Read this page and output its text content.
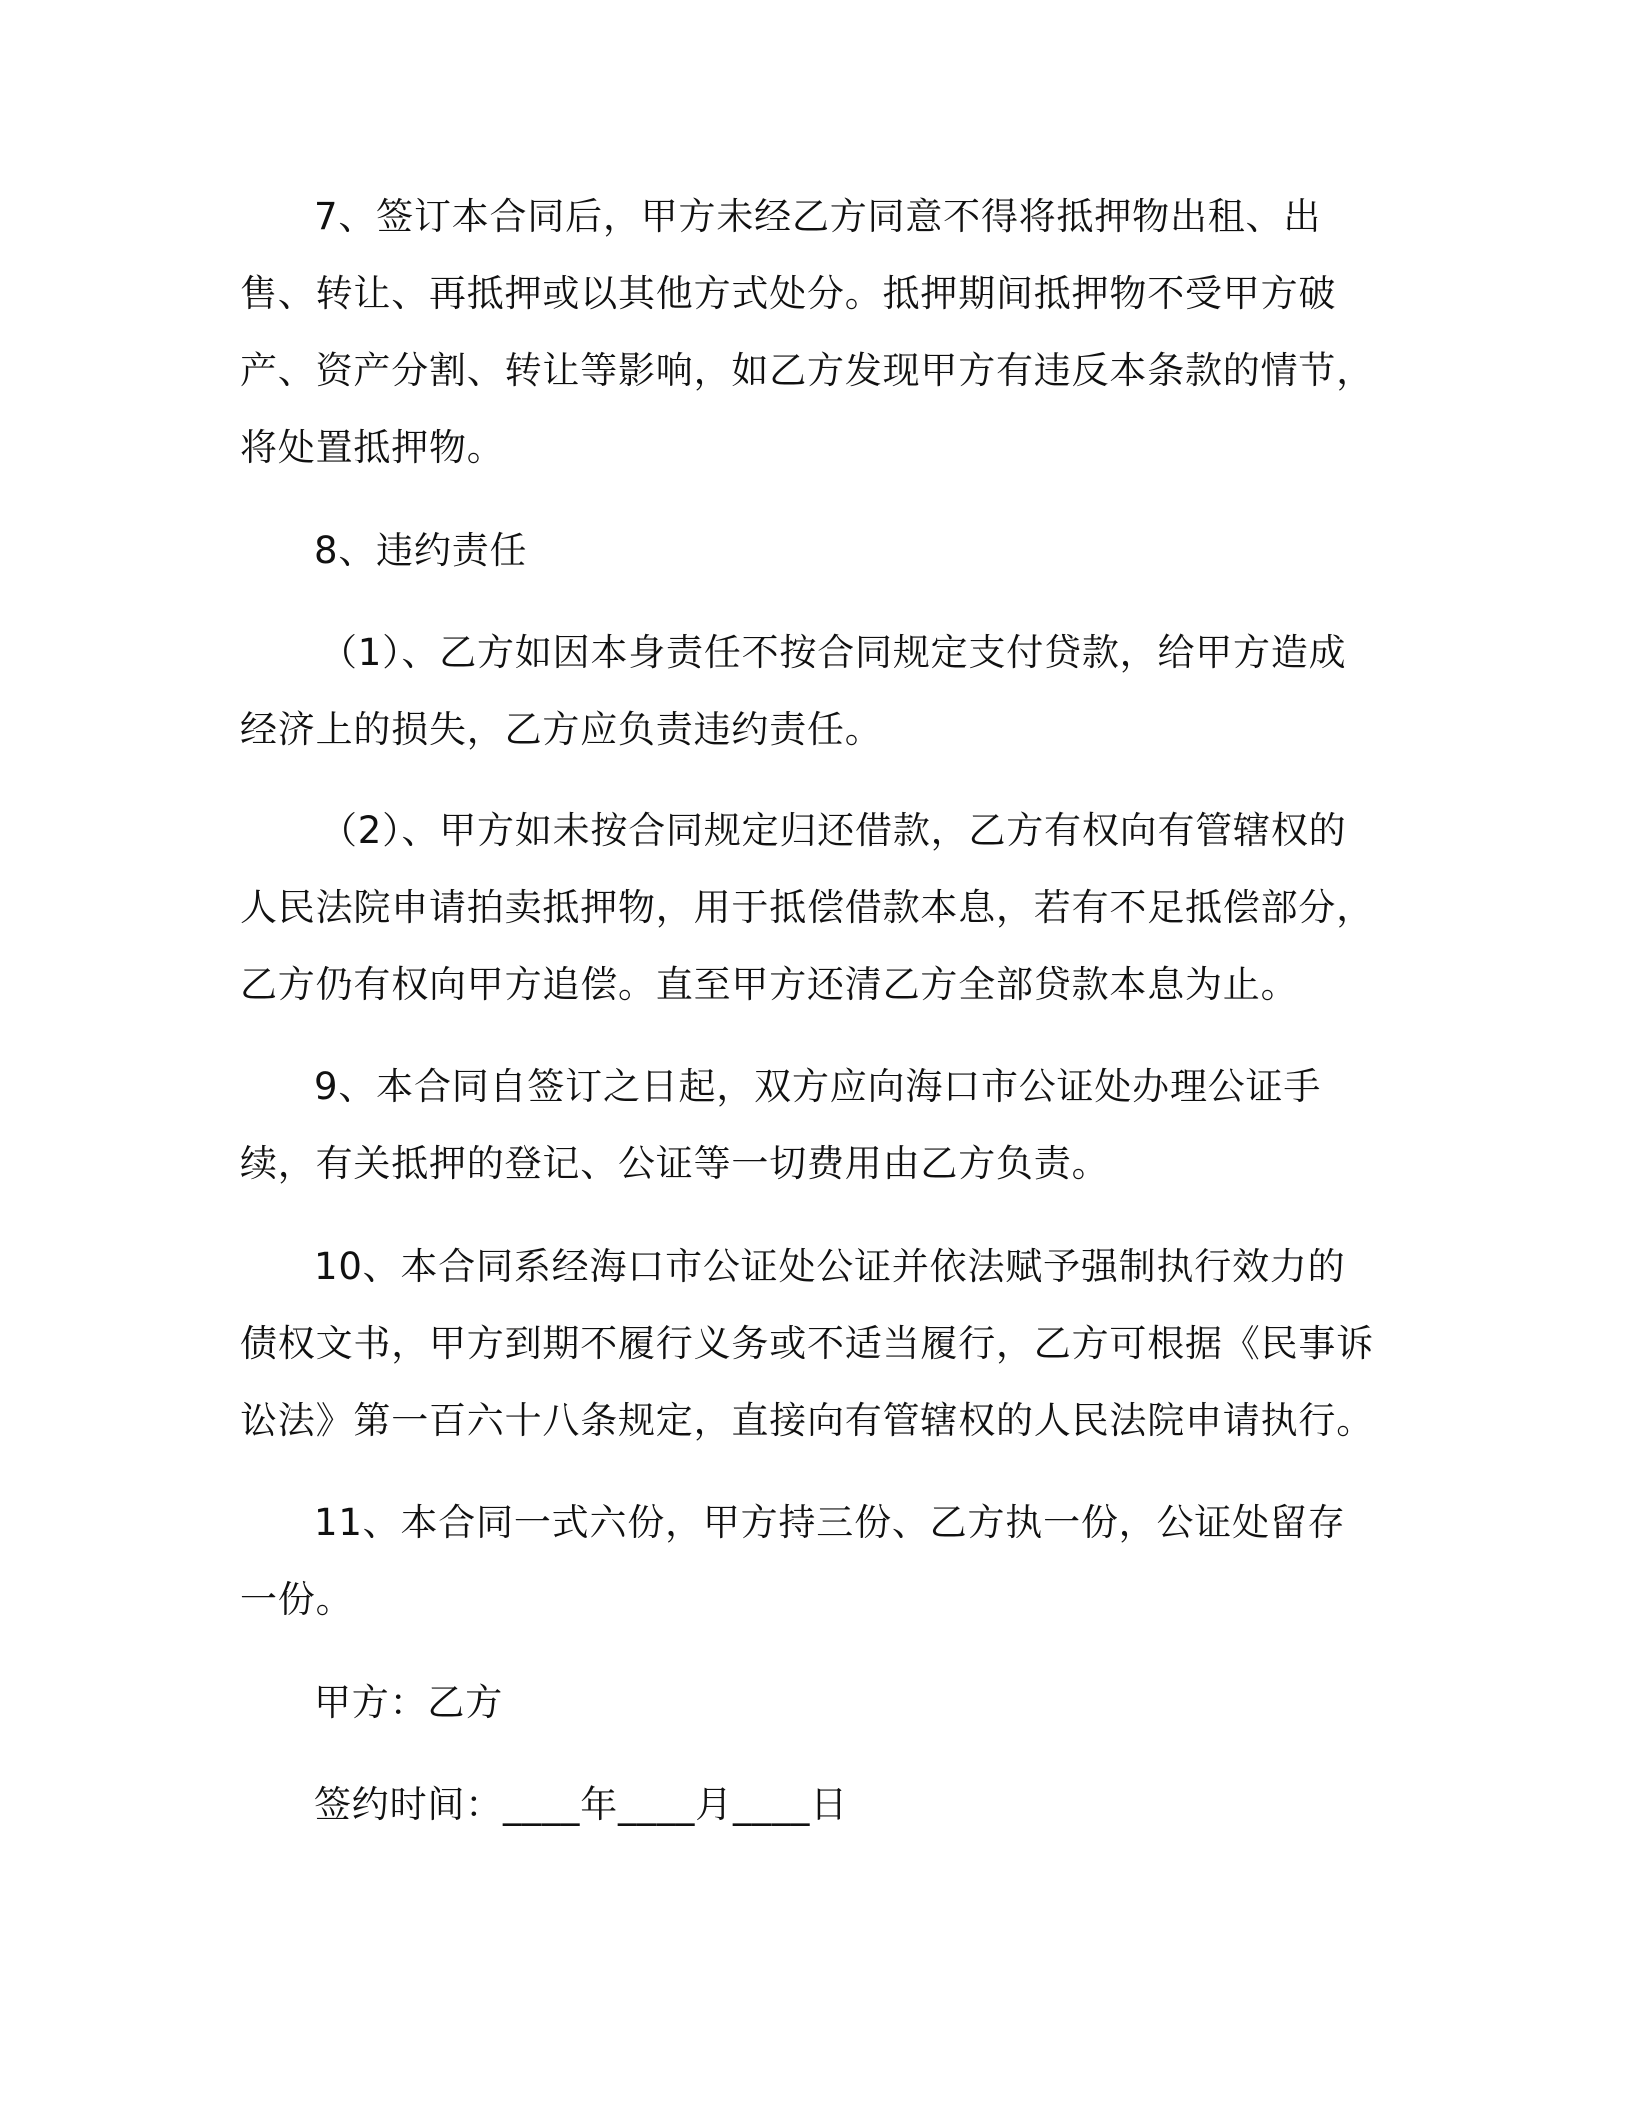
7、签订本合同后，甲方未经乙方同意不得将抵押物出租、出售、转让、再抵押或以其他方式处分。抵押期间抵押物不受甲方破产、资产分割、转让等影响，如乙方发现甲方有违反本条款的情节，将处置抵押物。

8、违约责任

（1）、乙方如因本身责任不按合同规定支付贷款，给甲方造成经济上的损失，乙方应负责违约责任。

（2）、甲方如未按合同规定归还借款，乙方有权向有管辖权的人民法院申请拍卖抵押物，用于抵偿借款本息，若有不足抵偿部分，乙方仍有权向甲方追偿。直至甲方还清乙方全部贷款本息为止。

9、本合同自签订之日起，双方应向海口市公证处办理公证手续，有关抵押的登记、公证等一切费用由乙方负责。

10、本合同系经海口市公证处公证并依法赋予强制执行效力的债权文书，甲方到期不履行义务或不适当履行，乙方可根据《民事诉讼法》第一百六十八条规定，直接向有管辖权的人民法院申请执行。

11、本合同一式六份，甲方持三份、乙方执一份，公证处留存一份。

甲方：乙方
签约时间：____年____月____日
